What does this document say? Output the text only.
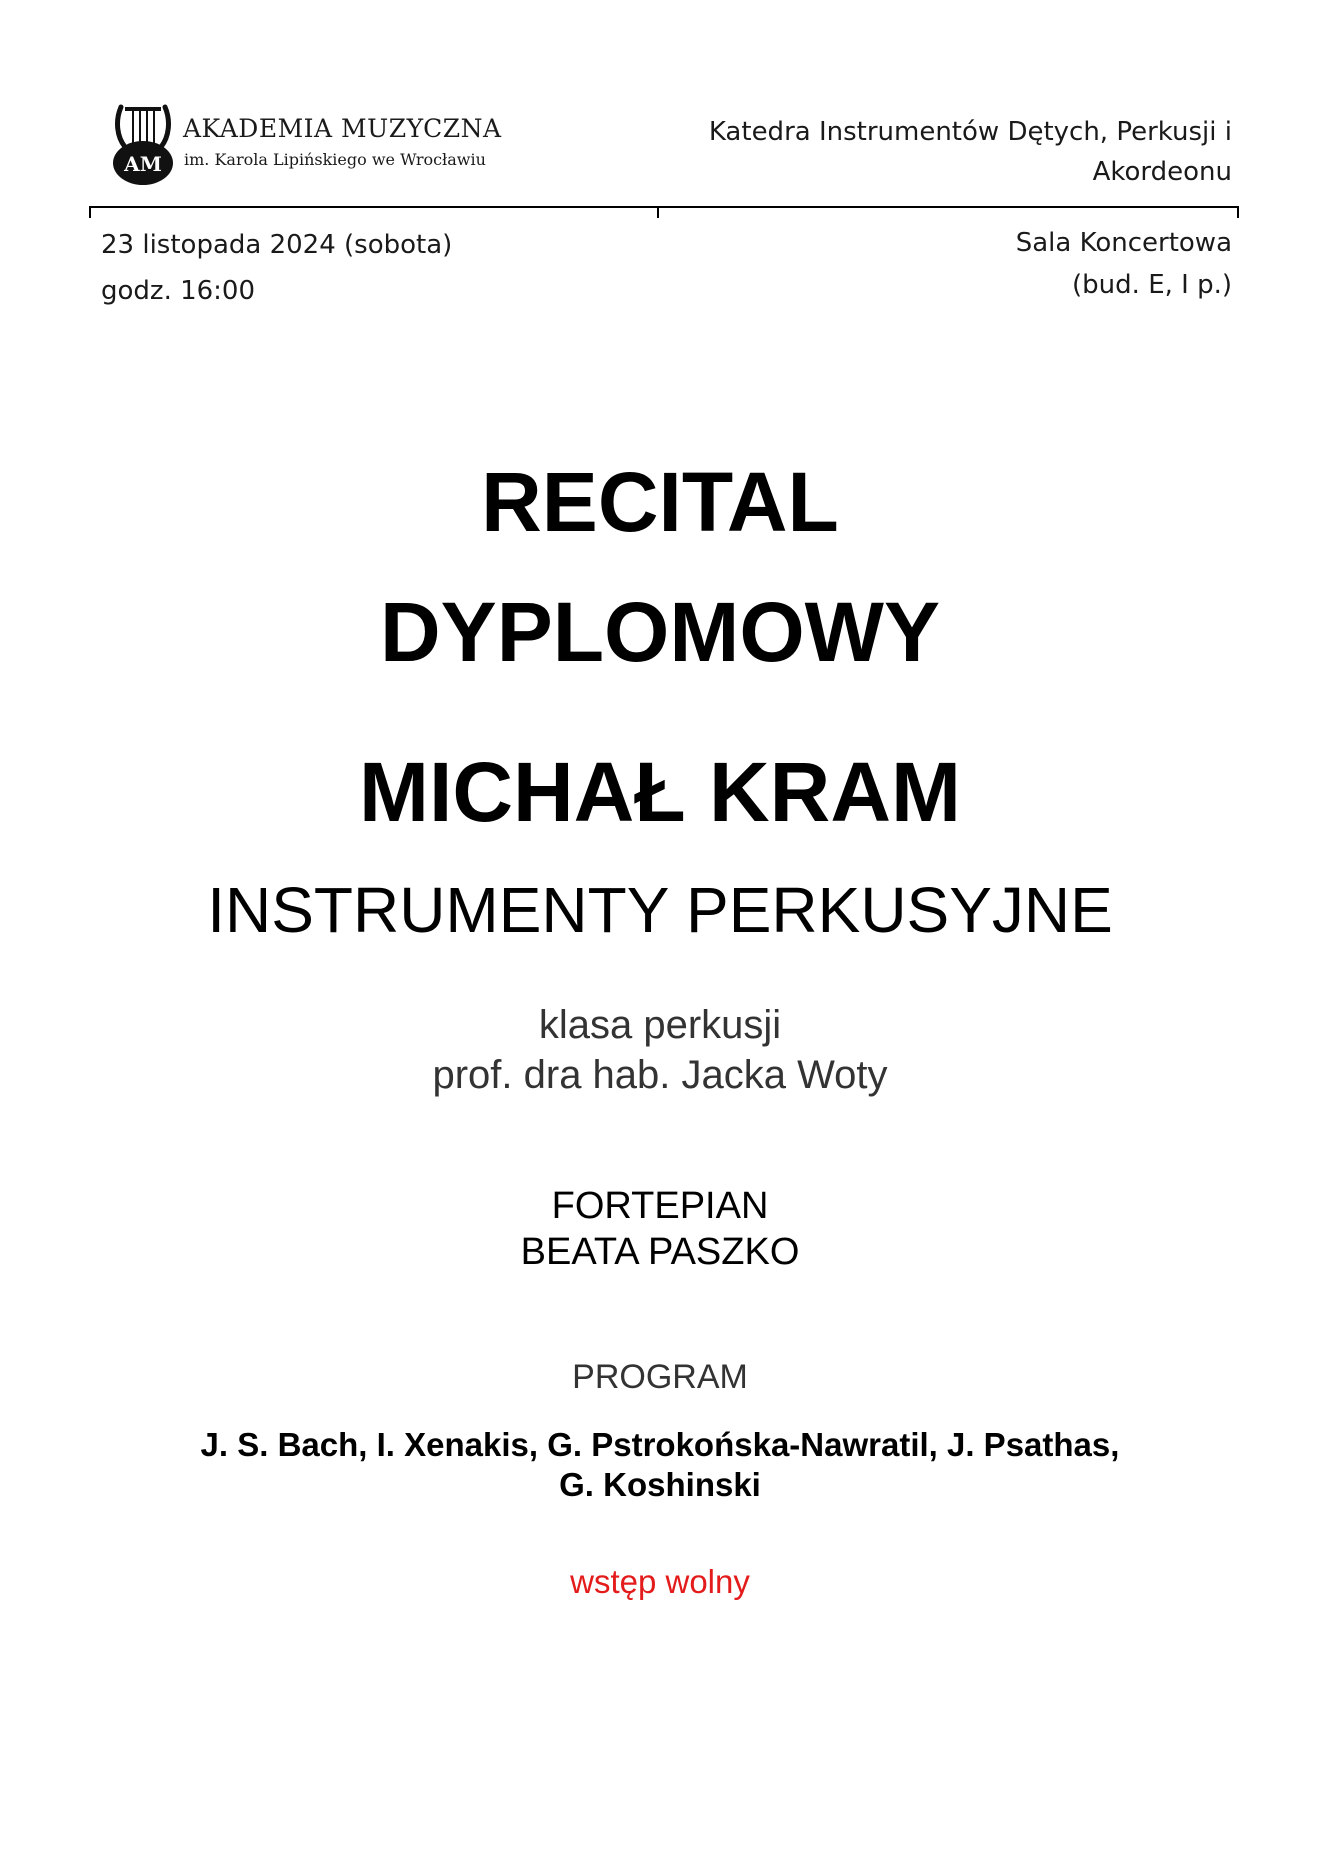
AM
AKADEMIA MUZYCZNA
im. Karola Lipińskiego we Wrocławiu
Katedra Instrumentów Dętych, Perkusji i
Akordeonu
23 listopada 2024 (sobota)
godz. 16:00
Sala Koncertowa
(bud. E, I p.)
RECITAL
DYPLOMOWY
MICHAŁ KRAM
INSTRUMENTY PERKUSYJNE
klasa perkusji
prof. dra hab. Jacka Woty
FORTEPIAN
BEATA PASZKO
PROGRAM
J. S. Bach, I. Xenakis, G. Pstrokońska-Nawratil, J. Psathas,
G. Koshinski
wstęp wolny
